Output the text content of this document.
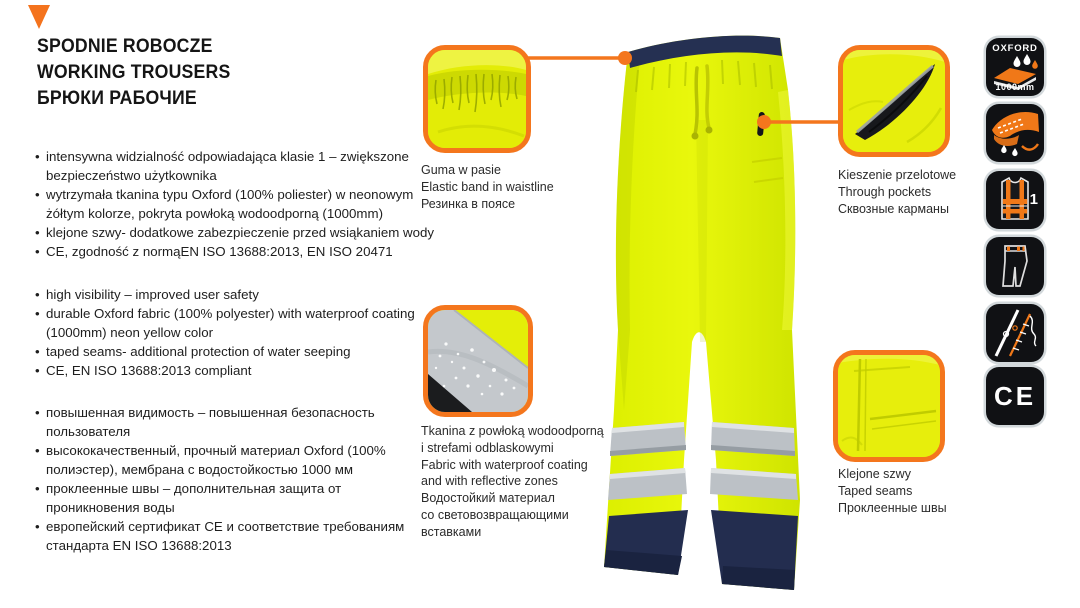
SPODNIE ROBOCZE
WORKING TROUSERS
БРЮКИ РАБОЧИЕ
• intensywna widzialność odpowiadająca klasie 1 – zwiększone bezpieczeństwo użytkownika
• wytrzymała tkanina typu Oxford (100% poliester) w neonowym żółtym kolorze, pokryta powłoką wodoodporną (1000mm)
• klejone szwy- dodatkowe zabezpieczenie przed wsiąkaniem wody
• CE, zgodność z normąEN ISO 13688:2013, EN ISO 20471
• high visibility – improved user safety
• durable Oxford fabric (100% polyester) with waterproof coating (1000mm) neon yellow color
• taped seams- additional protection of water seeping
• CE, EN ISO 13688:2013 compliant
• повышенная видимость – повышенная безопасность пользователя
• высококачественный, прочный материал Oxford (100% полиэстер), мембрана с водостойкостью 1000 мм
• проклеенные швы – дополнительная защита от проникновения воды
• европейский сертификат CE и соответствие требованиям стандарта EN ISO 13688:2013
Guma w pasie
Elastic band in waistline
Резинка в поясе
Kieszenie przelotowe
Through pockets
Сквозные карманы
Tkanina z powłoką wodoodporną
i strefami odblaskowymi
Fabric with waterproof coating
and with reflective zones
Водостойкий материал
со световозвращающими
вставками
Klejone szwy
Taped seams
Проклеенные швы
OXFORD
1000mm
1
CE
